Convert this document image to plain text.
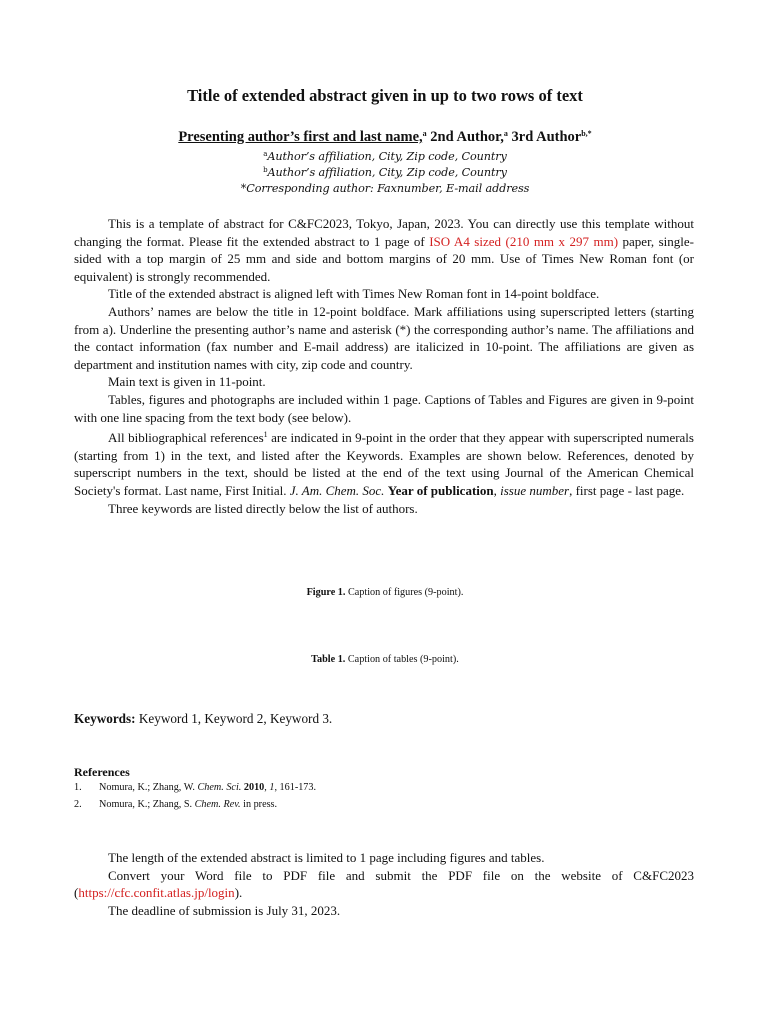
Title of extended abstract given in up to two rows of text
Presenting author’s first and last name,$^a$ 2nd Author,$^a$ 3rd Author$^{b,*}$
$^a$Author’s affiliation, City, Zip code, Country
$^b$Author’s affiliation, City, Zip code, Country
*Corresponding author: Faxnumber, E-mail address

This is a template of abstract for C&FC2023, Tokyo, Japan, 2023. You can directly use this template without changing the format. Please fit the extended abstract to 1 page of ISO A4 sized (210 mm x 297 mm) paper, single-sided with a top margin of 25 mm and side and bottom margins of 20 mm. Use of Times New Roman font (or equivalent) is strongly recommended.

Title of the extended abstract is aligned left with Times New Roman font in 14-point boldface.

Authors’ names are below the title in 12-point boldface. Mark affiliations using superscripted letters (starting from a). Underline the presenting author’s name and asterisk (*) the corresponding author’s name. The affiliations and the contact information (fax number and E-mail address) are italicized in 10-point. The affiliations are given as department and institution names with city, zip code and country.

Main text is given in 11-point.

Tables, figures and photographs are included within 1 page. Captions of Tables and Figures are given in 9-point with one line spacing from the text body (see below).

All bibliographical references$^1$ are indicated in 9-point in the order that they appear with superscripted numerals (starting from 1) in the text, and listed after the Keywords. Examples are shown below. References, denoted by superscript numbers in the text, should be listed at the end of the text using Journal of the American Chemical Society's format. Last name, First Initial. J. Am. Chem. Soc. Year of publication, issue number, first page - last page.

Three keywords are listed directly below the list of authors.

Figure 1. Caption of figures (9-point).
Table 1. Caption of tables (9-point).
Keywords: Keyword 1, Keyword 2, Keyword 3.
References
1. Nomura, K.; Zhang, W. Chem. Sci. 2010, 1, 161-173.
2. Nomura, K.; Zhang, S. Chem. Rev. in press.

The length of the extended abstract is limited to 1 page including figures and tables.

Convert your Word file to PDF file and submit the PDF file on the website of C&FC2023 (https://cfc.confit.atlas.jp/login).

The deadline of submission is July 31, 2023.
